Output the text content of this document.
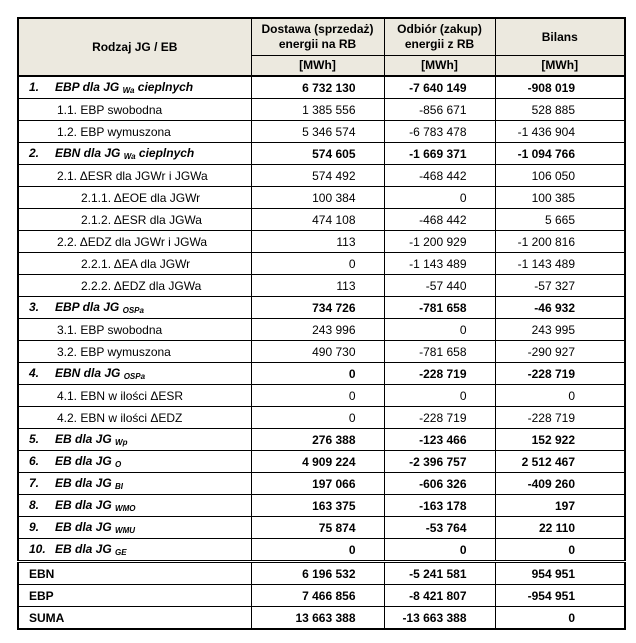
Rodzaj JG / EB	Dostawa (sprzedaż) energii na RB	Odbiór (zakup) energii z RB	Bilans
	[MWh]	[MWh]	[MWh]
1. EBP dla JG $_{Wa}$ cieplnych	6 732 130	-7 640 149	-908 019
1.1. EBP swobodna	1 385 556	-856 671	528 885
1.2. EBP wymuszona	5 346 574	-6 783 478	-1 436 904
2. EBN dla JG $_{Wa}$ cieplnych	574 605	-1 669 371	-1 094 766
2.1. ΔESR dla JGWr i JGWa	574 492	-468 442	106 050
2.1.1. ΔEOE dla JGWr	100 384	0	100 385
2.1.2. ΔESR dla JGWa	474 108	-468 442	5 665
2.2. ΔEDZ dla JGWr i JGWa	113	-1 200 929	-1 200 816
2.2.1. ΔEA dla JGWr	0	-1 143 489	-1 143 489
2.2.2. ΔEDZ dla JGWa	113	-57 440	-57 327
3. EBP dla JG $_{OSPa}$	734 726	-781 658	-46 932
3.1. EBP swobodna	243 996	0	243 995
3.2. EBP wymuszona	490 730	-781 658	-290 927
4. EBN dla JG $_{OSPa}$	0	-228 719	-228 719
4.1. EBN w ilości ΔESR	0	0	0
4.2. EBN w ilości ΔEDZ	0	-228 719	-228 719
5. EB dla JG $_{Wp}$	276 388	-123 466	152 922
6. EB dla JG $_O$	4 909 224	-2 396 757	2 512 467
7. EB dla JG $_{BI}$	197 066	-606 326	-409 260
8. EB dla JG $_{WMO}$	163 375	-163 178	197
9. EB dla JG $_{WMU}$	75 874	-53 764	22 110
10. EB dla JG $_{GE}$	0	0	0
EBN	6 196 532	-5 241 581	954 951
EBP	7 466 856	-8 421 807	-954 951
SUMA	13 663 388	-13 663 388	0
